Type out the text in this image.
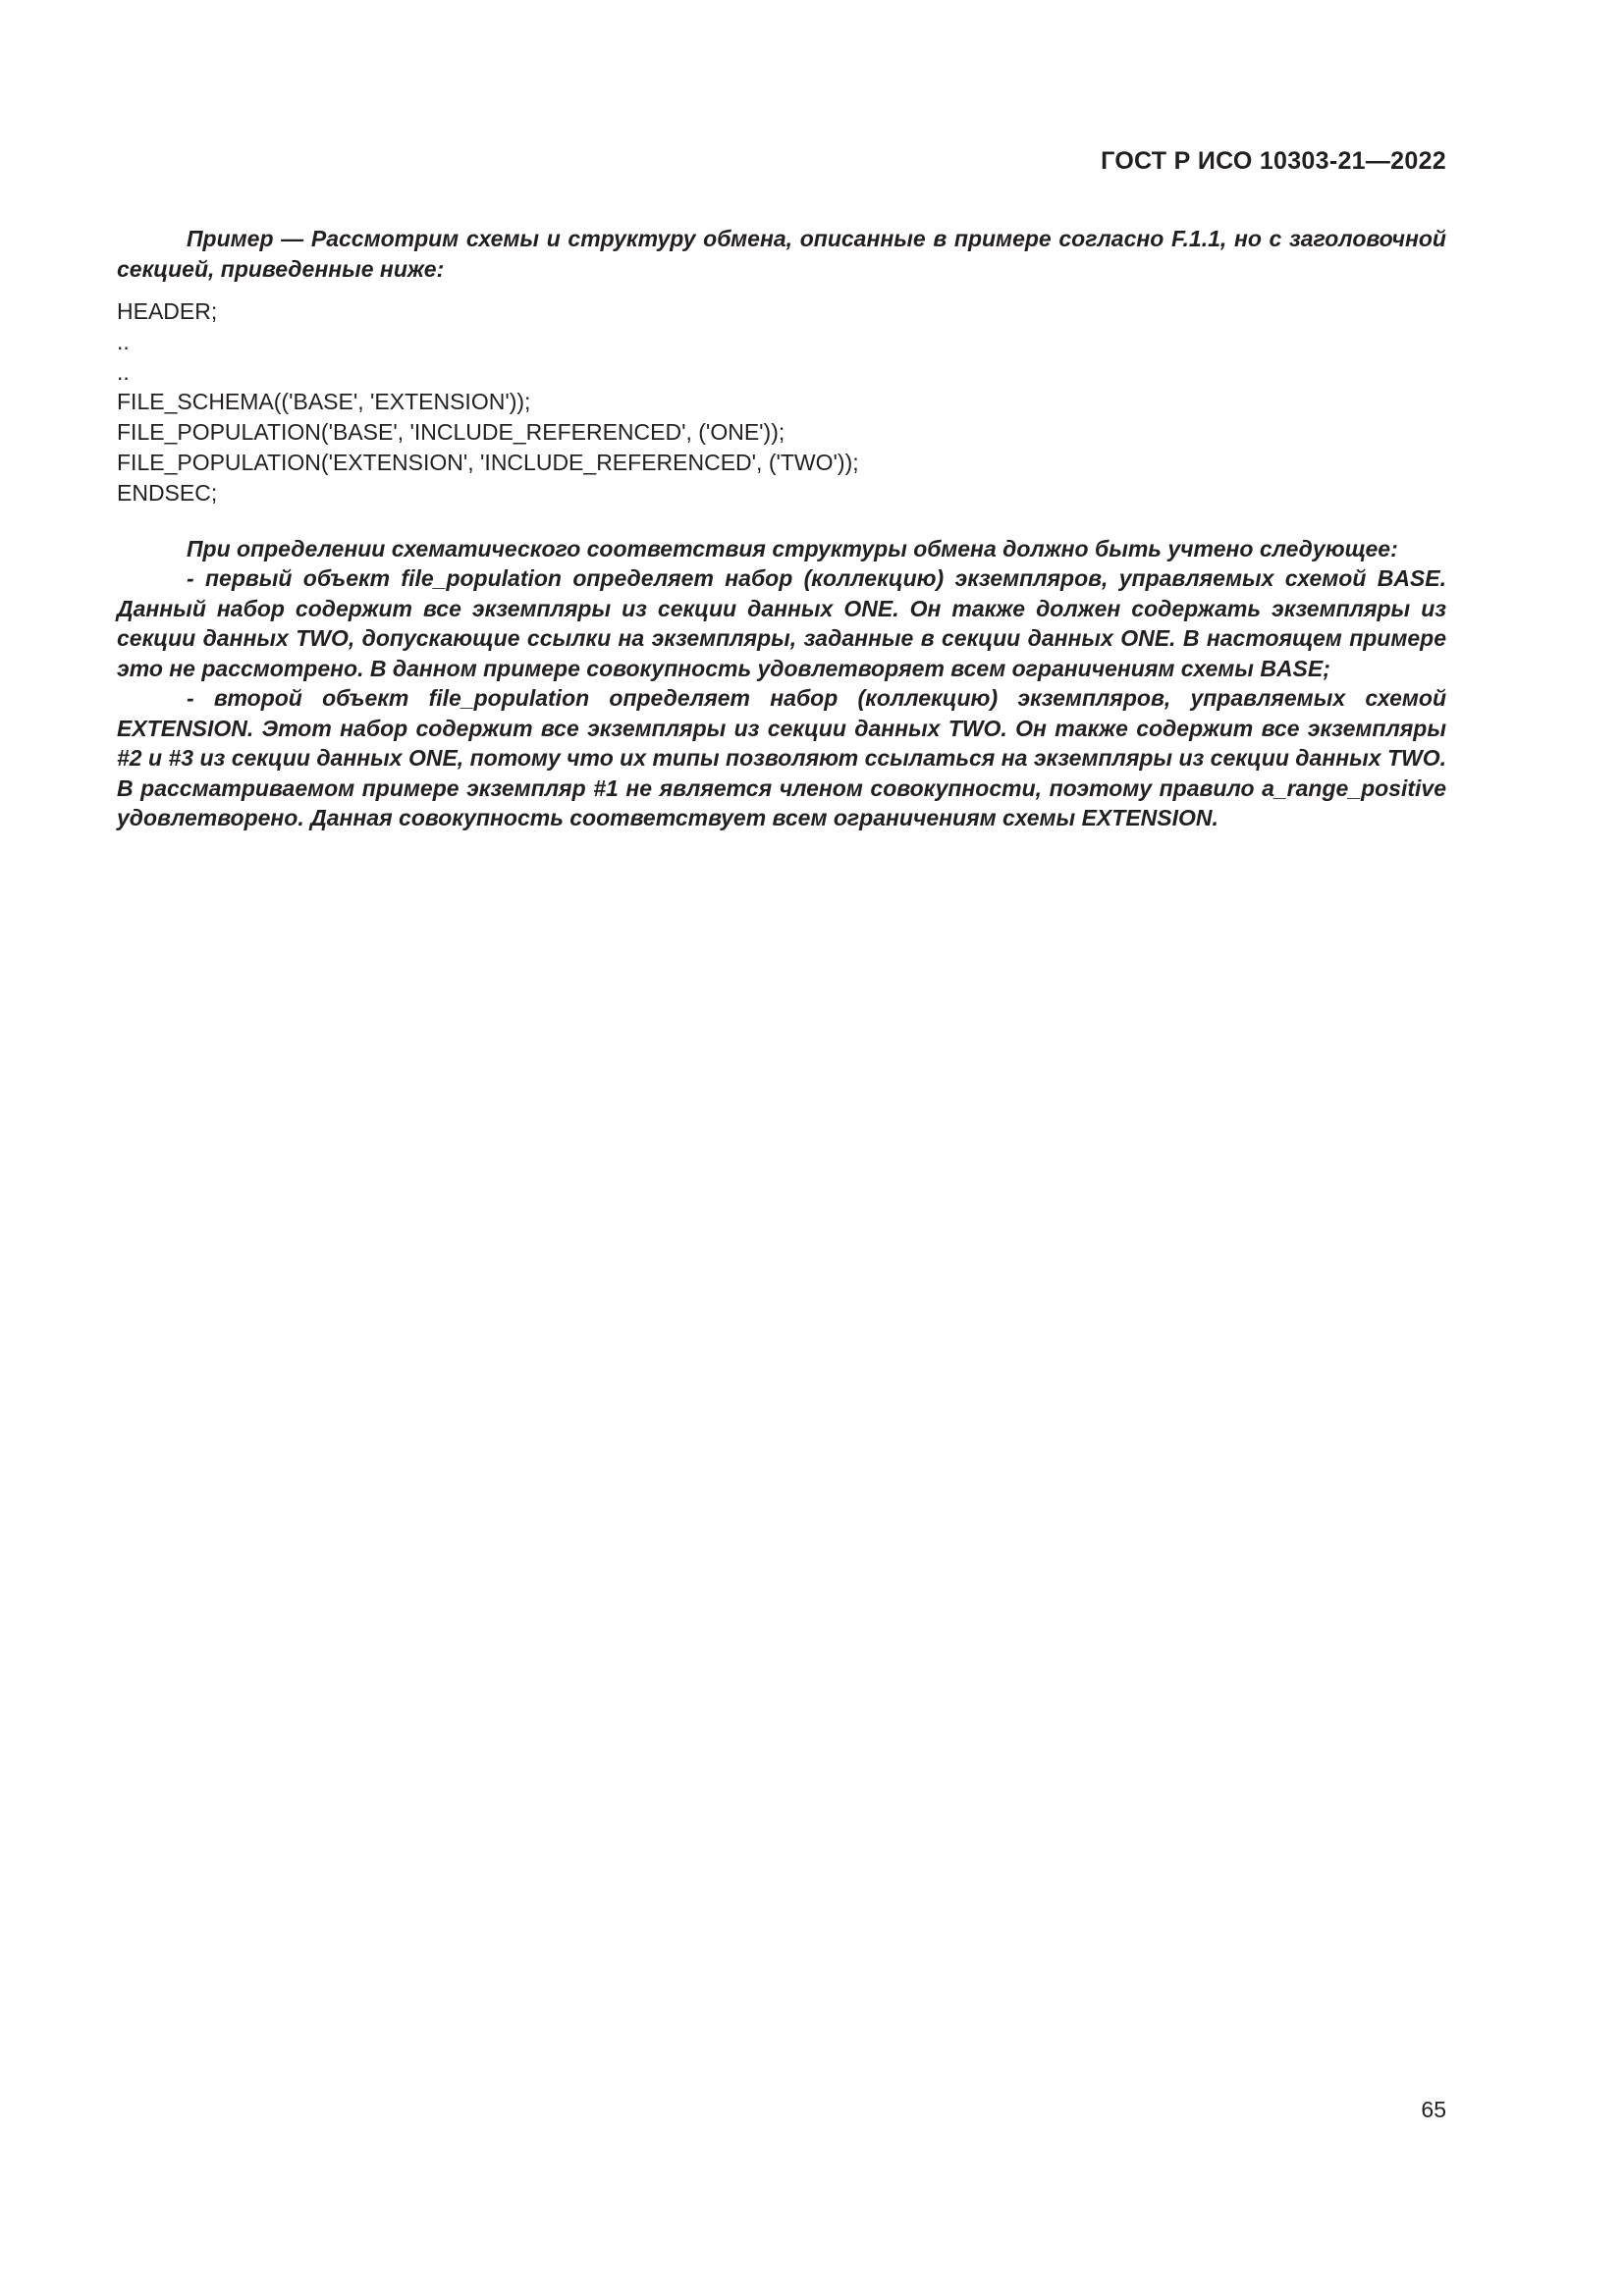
ГОСТ Р ИСО 10303-21—2022

Пример — Рассмотрим схемы и структуру обмена, описанные в примере согласно F.1.1, но с заголовочной секцией, приведенные ниже:

HEADER;
..
..
FILE_SCHEMA(('BASE', 'EXTENSION'));
FILE_POPULATION('BASE', 'INCLUDE_REFERENCED', ('ONE'));
FILE_POPULATION('EXTENSION', 'INCLUDE_REFERENCED', ('TWO'));
ENDSEC;

При определении схематического соответствия структуры обмена должно быть учтено следующее:

- первый объект file_population определяет набор (коллекцию) экземпляров, управляемых схемой BASE. Данный набор содержит все экземпляры из секции данных ONE. Он также должен содержать экземпляры из секции данных TWO, допускающие ссылки на экземпляры, заданные в секции данных ONE. В настоящем примере это не рассмотрено. В данном примере совокупность удовлетворяет всем ограничениям схемы BASE;

- второй объект file_population определяет набор (коллекцию) экземпляров, управляемых схемой EXTENSION. Этот набор содержит все экземпляры из секции данных TWO. Он также содержит все экземпляры #2 и #3 из секции данных ONE, потому что их типы позволяют ссылаться на экземпляры из секции данных TWO. В рассматриваемом примере экземпляр #1 не является членом совокупности, поэтому правило a_range_positive удовлетворено. Данная совокупность соответствует всем ограничениям схемы EXTENSION.

65
